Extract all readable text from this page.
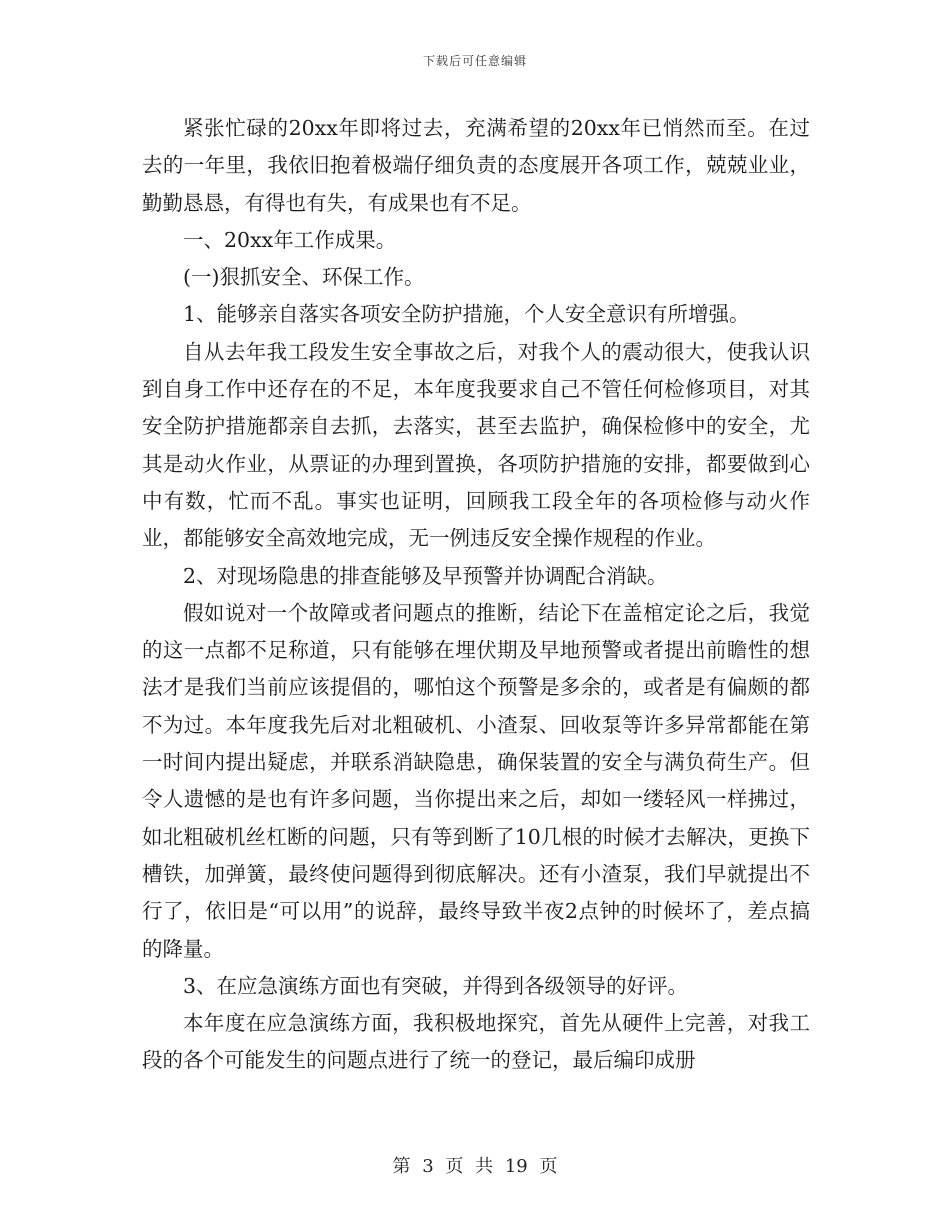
下载后可任意编辑

紧张忙碌的20xx年即将过去，充满希望的20xx年已悄然而至。在过去的一年里，我依旧抱着极端仔细负责的态度展开各项工作，兢兢业业，勤勤恳恳，有得也有失，有成果也有不足。

一、20xx年工作成果。

(一)狠抓安全、环保工作。

1、能够亲自落实各项安全防护措施，个人安全意识有所增强。

自从去年我工段发生安全事故之后，对我个人的震动很大，使我认识到自身工作中还存在的不足，本年度我要求自己不管任何检修项目，对其安全防护措施都亲自去抓，去落实，甚至去监护，确保检修中的安全，尤其是动火作业，从票证的办理到置换，各项防护措施的安排，都要做到心中有数，忙而不乱。事实也证明，回顾我工段全年的各项检修与动火作业，都能够安全高效地完成，无一例违反安全操作规程的作业。

2、对现场隐患的排查能够及早预警并协调配合消缺。

假如说对一个故障或者问题点的推断，结论下在盖棺定论之后，我觉的这一点都不足称道，只有能够在埋伏期及早地预警或者提出前瞻性的想法才是我们当前应该提倡的，哪怕这个预警是多余的，或者是有偏颇的都不为过。本年度我先后对北粗破机、小渣泵、回收泵等许多异常都能在第一时间内提出疑虑，并联系消缺隐患，确保装置的安全与满负荷生产。但令人遗憾的是也有许多问题，当你提出来之后，却如一缕轻风一样拂过，如北粗破机丝杠断的问题，只有等到断了10几根的时候才去解决，更换下槽铁，加弹簧，最终使问题得到彻底解决。还有小渣泵，我们早就提出不行了，依旧是“可以用”的说辞，最终导致半夜2点钟的时候坏了，差点搞的降量。

3、在应急演练方面也有突破，并得到各级领导的好评。

本年度在应急演练方面，我积极地探究，首先从硬件上完善，对我工段的各个可能发生的问题点进行了统一的登记，最后编印成册

第 3 页 共 19 页
